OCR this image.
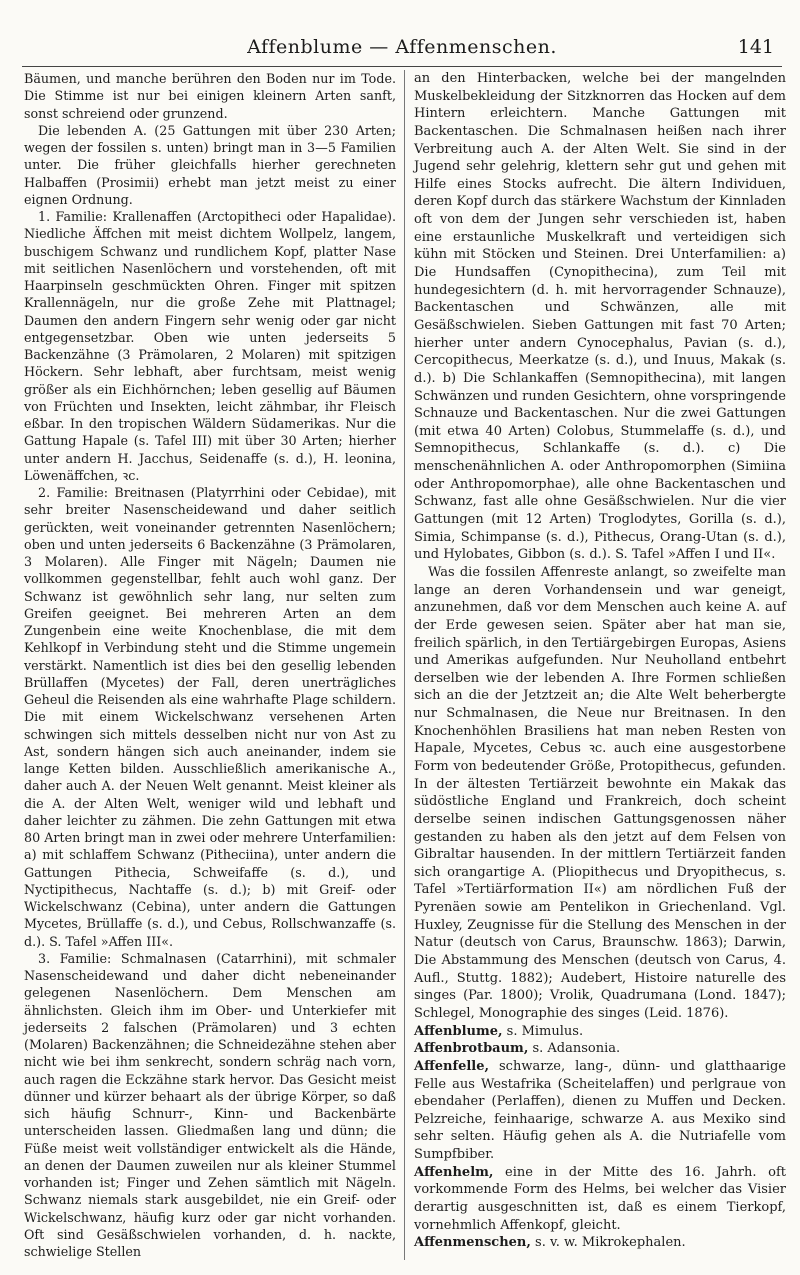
Affenblume — Affenmenschen.	141

Bäumen, und manche berühren den Boden nur im Tode. Die Stimme ist nur bei einigen kleinern Arten sanft, sonst schreiend oder grunzend.

Die lebenden A. (25 Gattungen mit über 230 Arten; wegen der fossilen s. unten) bringt man in 3—5 Familien unter. Die früher gleichfalls hierher gerechneten Halbaffen (Prosimii) erhebt man jetzt meist zu einer eignen Ordnung.

1. Familie: Krallenaffen (Arctopitheci oder Hapalidae). Niedliche Äffchen mit meist dichtem Wollpelz, langem, buschigem Schwanz und rundlichem Kopf, platter Nase mit seitlichen Nasenlöchern und vorstehenden, oft mit Haarpinseln geschmückten Ohren. Finger mit spitzen Krallennägeln, nur die große Zehe mit Plattnagel; Daumen den andern Fingern sehr wenig oder gar nicht entgegensetzbar. Oben wie unten jederseits 5 Backenzähne (3 Prämolaren, 2 Molaren) mit spitzigen Höckern. Sehr lebhaft, aber furchtsam, meist wenig größer als ein Eichhörnchen; leben gesellig auf Bäumen von Früchten und Insekten, leicht zähmbar, ihr Fleisch eßbar. In den tropischen Wäldern Südamerikas. Nur die Gattung Hapale (s. Tafel III) mit über 30 Arten; hierher unter andern H. Jacchus, Seidenaffe (s. d.), H. leonina, Löwenäffchen, ꝛc.

2. Familie: Breitnasen (Platyrrhini oder Cebidae), mit sehr breiter Nasenscheidewand und daher seitlich gerückten, weit voneinander getrennten Nasenlöchern; oben und unten jederseits 6 Backenzähne (3 Prämolaren, 3 Molaren). Alle Finger mit Nägeln; Daumen nie vollkommen gegenstellbar, fehlt auch wohl ganz. Der Schwanz ist gewöhnlich sehr lang, nur selten zum Greifen geeignet. Bei mehreren Arten an dem Zungenbein eine weite Knochenblase, die mit dem Kehlkopf in Verbindung steht und die Stimme ungemein verstärkt. Namentlich ist dies bei den gesellig lebenden Brüllaffen (Mycetes) der Fall, deren unerträgliches Geheul die Reisenden als eine wahrhafte Plage schildern. Die mit einem Wickelschwanz versehenen Arten schwingen sich mittels desselben nicht nur von Ast zu Ast, sondern hängen sich auch aneinander, indem sie lange Ketten bilden. Ausschließlich amerikanische A., daher auch A. der Neuen Welt genannt. Meist kleiner als die A. der Alten Welt, weniger wild und lebhaft und daher leichter zu zähmen. Die zehn Gattungen mit etwa 80 Arten bringt man in zwei oder mehrere Unterfamilien: a) mit schlaffem Schwanz (Pitheciina), unter andern die Gattungen Pithecia, Schweifaffe (s. d.), und Nyctipithecus, Nachtaffe (s. d.); b) mit Greif- oder Wickelschwanz (Cebina), unter andern die Gattungen Mycetes, Brüllaffe (s. d.), und Cebus, Rollschwanzaffe (s. d.). S. Tafel »Affen III«.

3. Familie: Schmalnasen (Catarrhini), mit schmaler Nasenscheidewand und daher dicht nebeneinander gelegenen Nasenlöchern. Dem Menschen am ähnlichsten. Gleich ihm im Ober- und Unterkiefer mit jederseits 2 falschen (Prämolaren) und 3 echten (Molaren) Backenzähnen; die Schneidezähne stehen aber nicht wie bei ihm senkrecht, sondern schräg nach vorn, auch ragen die Eckzähne stark hervor. Das Gesicht meist dünner und kürzer behaart als der übrige Körper, so daß sich häufig Schnurr-, Kinn- und Backenbärte unterscheiden lassen. Gliedmaßen lang und dünn; die Füße meist weit vollständiger entwickelt als die Hände, an denen der Daumen zuweilen nur als kleiner Stummel vorhanden ist; Finger und Zehen sämtlich mit Nägeln. Schwanz niemals stark ausgebildet, nie ein Greif- oder Wickelschwanz, häufig kurz oder gar nicht vorhanden. Oft sind Gesäßschwielen vorhanden, d. h. nackte, schwielige Stellen

an den Hinterbacken, welche bei der mangelnden Muskelbekleidung der Sitzknorren das Hocken auf dem Hintern erleichtern. Manche Gattungen mit Backentaschen. Die Schmalnasen heißen nach ihrer Verbreitung auch A. der Alten Welt. Sie sind in der Jugend sehr gelehrig, klettern sehr gut und gehen mit Hilfe eines Stocks aufrecht. Die ältern Individuen, deren Kopf durch das stärkere Wachstum der Kinnladen oft von dem der Jungen sehr verschieden ist, haben eine erstaunliche Muskelkraft und verteidigen sich kühn mit Stöcken und Steinen. Drei Unterfamilien: a) Die Hundsaffen (Cynopithecina), zum Teil mit hundegesichtern (d. h. mit hervorragender Schnauze), Backentaschen und Schwänzen, alle mit Gesäßschwielen. Sieben Gattungen mit fast 70 Arten; hierher unter andern Cynocephalus, Pavian (s. d.), Cercopithecus, Meerkatze (s. d.), und Inuus, Makak (s. d.). b) Die Schlankaffen (Semnopithecina), mit langen Schwänzen und runden Gesichtern, ohne vorspringende Schnauze und Backentaschen. Nur die zwei Gattungen (mit etwa 40 Arten) Colobus, Stummelaffe (s. d.), und Semnopithecus, Schlankaffe (s. d.). c) Die menschenähnlichen A. oder Anthropomorphen (Simiina oder Anthropomorphae), alle ohne Backentaschen und Schwanz, fast alle ohne Gesäßschwielen. Nur die vier Gattungen (mit 12 Arten) Troglodytes, Gorilla (s. d.), Simia, Schimpanse (s. d.), Pithecus, Orang-Utan (s. d.), und Hylobates, Gibbon (s. d.). S. Tafel »Affen I und II«.

Was die fossilen Affenreste anlangt, so zweifelte man lange an deren Vorhandensein und war geneigt, anzunehmen, daß vor dem Menschen auch keine A. auf der Erde gewesen seien. Später aber hat man sie, freilich spärlich, in den Tertiärgebirgen Europas, Asiens und Amerikas aufgefunden. Nur Neuholland entbehrt derselben wie der lebenden A. Ihre Formen schließen sich an die der Jetztzeit an; die Alte Welt beherbergte nur Schmalnasen, die Neue nur Breitnasen. In den Knochenhöhlen Brasiliens hat man neben Resten von Hapale, Mycetes, Cebus ꝛc. auch eine ausgestorbene Form von bedeutender Größe, Protopithecus, gefunden. In der ältesten Tertiärzeit bewohnte ein Makak das südöstliche England und Frankreich, doch scheint derselbe seinen indischen Gattungsgenossen näher gestanden zu haben als den jetzt auf dem Felsen von Gibraltar hausenden. In der mittlern Tertiärzeit fanden sich orangartige A. (Pliopithecus und Dryopithecus, s. Tafel »Tertiärformation II«) am nördlichen Fuß der Pyrenäen sowie am Pentelikon in Griechenland. Vgl. Huxley, Zeugnisse für die Stellung des Menschen in der Natur (deutsch von Carus, Braunschw. 1863); Darwin, Die Abstammung des Menschen (deutsch von Carus, 4. Aufl., Stuttg. 1882); Audebert, Histoire naturelle des singes (Par. 1800); Vrolik, Quadrumana (Lond. 1847); Schlegel, Monographie des singes (Leid. 1876).

Affenblume, s. Mimulus.

Affenbrotbaum, s. Adansonia.

Affenfelle, schwarze, lang-, dünn- und glatthaarige Felle aus Westafrika (Scheitelaffen) und perlgraue von ebendaher (Perlaffen), dienen zu Muffen und Decken. Pelzreiche, feinhaarige, schwarze A. aus Mexiko sind sehr selten. Häufig gehen als A. die Nutriafelle vom Sumpfbiber.

Affenhelm, eine in der Mitte des 16. Jahrh. oft vorkommende Form des Helms, bei welcher das Visier derartig ausgeschnitten ist, daß es einem Tierkopf, vornehmlich Affenkopf, gleicht.

Affenmenschen, s. v. w. Mikrokephalen.
